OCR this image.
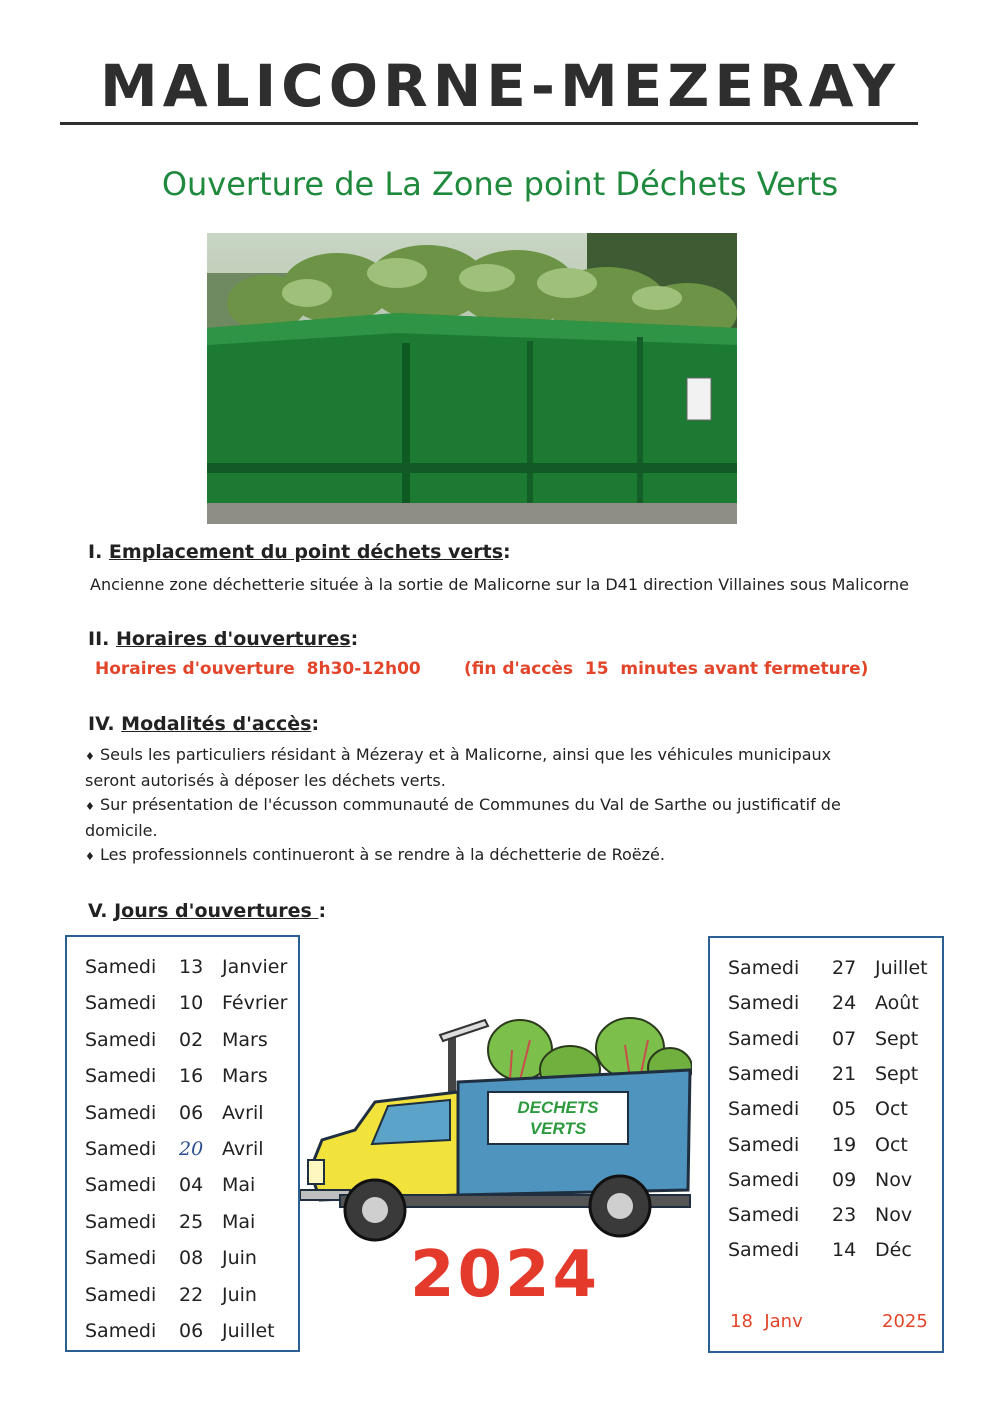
MALICORNE-MEZERAY
Ouverture de La Zone point Déchets Verts
I. Emplacement du point déchets verts:
Ancienne zone déchetterie située à la sortie de Malicorne sur la D41 direction Villaines sous Malicorne
II. Horaires d'ouvertures:
Horaires d'ouverture  8h30-12h00	(fin d'accès  15  minutes avant fermeture)
IV. Modalités d'accès:
♦ Seuls les particuliers résidant à Mézeray et à Malicorne, ainsi que les véhicules municipaux seront autorisés à déposer les déchets verts.
♦ Sur présentation de l'écusson communauté de Communes du Val de Sarthe ou justificatif de domicile.
♦ Les professionnels continueront à se rendre à la déchetterie de Roëzé.
V. Jours d'ouvertures :
Samedi 13 Janvier
Samedi 10 Février
Samedi 02 Mars
Samedi 16 Mars
Samedi 06 Avril
Samedi 20 Avril
Samedi 04 Mai
Samedi 25 Mai
Samedi 08 Juin
Samedi 22 Juin
Samedi 06 Juillet
Samedi 27 Juillet
Samedi 24 Août
Samedi 07 Sept
Samedi 21 Sept
Samedi 05 Oct
Samedi 19 Oct
Samedi 09 Nov
Samedi 23 Nov
Samedi 14 Déc
18  Janv	2025
DECHETS
VERTS
2024
